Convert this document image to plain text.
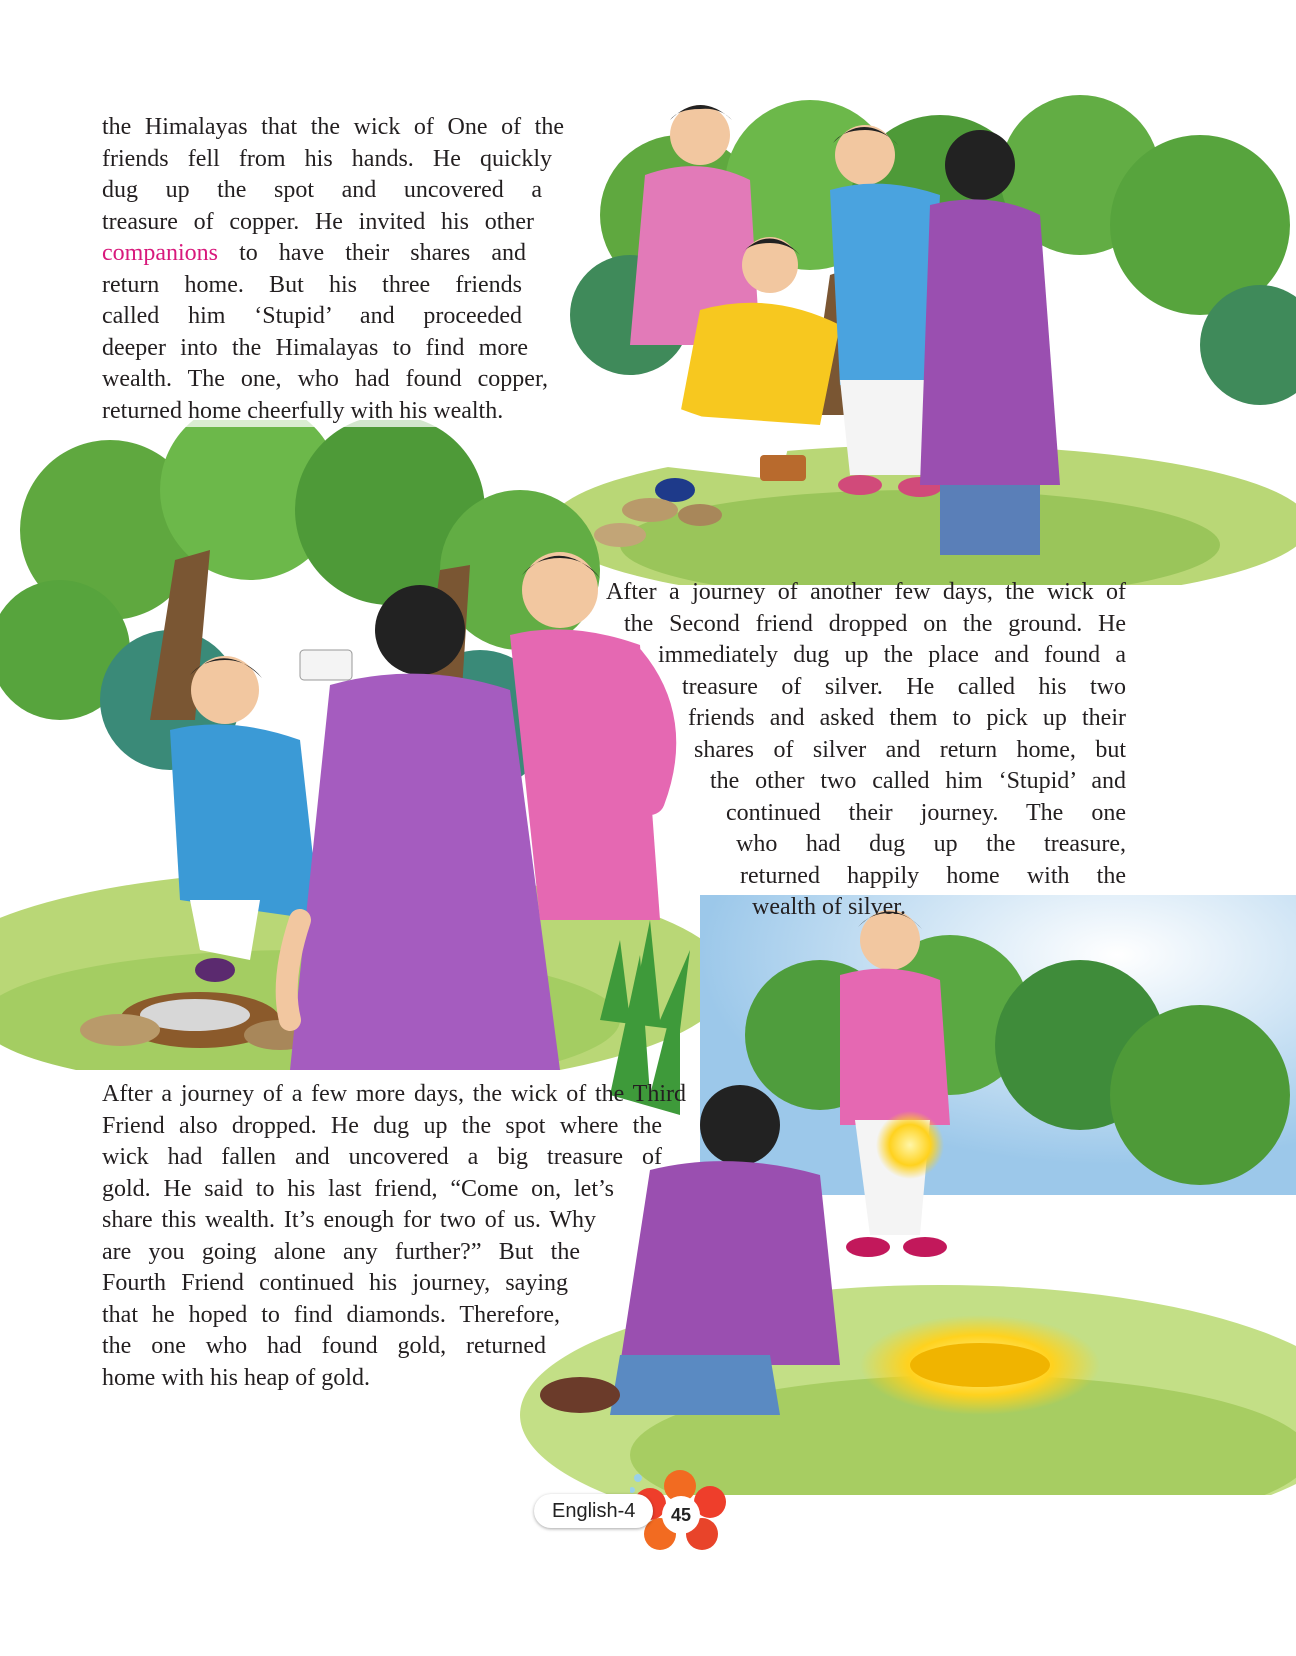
the Himalayas that the wick of One of the
friends fell from his hands. He quickly
dug up the spot and uncovered a
treasure of copper. He invited his other
companions to have their shares and
return home. But his three friends
called him ‘Stupid’ and proceeded
deeper into the Himalayas to find more
wealth. The one, who had found copper,
returned home cheerfully with his wealth.

After a journey of another few days, the wick of
the Second friend dropped on the ground. He
immediately dug up the place and found a
treasure of silver. He called his two
friends and asked them to pick up their
shares of silver and return home, but
the other two called him ‘Stupid’ and
continued their journey. The one
who had dug up the treasure,
returned happily home with the
wealth of silver.

After a journey of a few more days, the wick of the Third
Friend also dropped. He dug up the spot where the
wick had fallen and uncovered a big treasure of
gold. He said to his last friend, “Come on, let’s
share this wealth. It’s enough for two of us. Why
are you going alone any further?” But the
Fourth Friend continued his journey, saying
that he hoped to find diamonds. Therefore,
the one who had found gold, returned
home with his heap of gold.

English-4	45
